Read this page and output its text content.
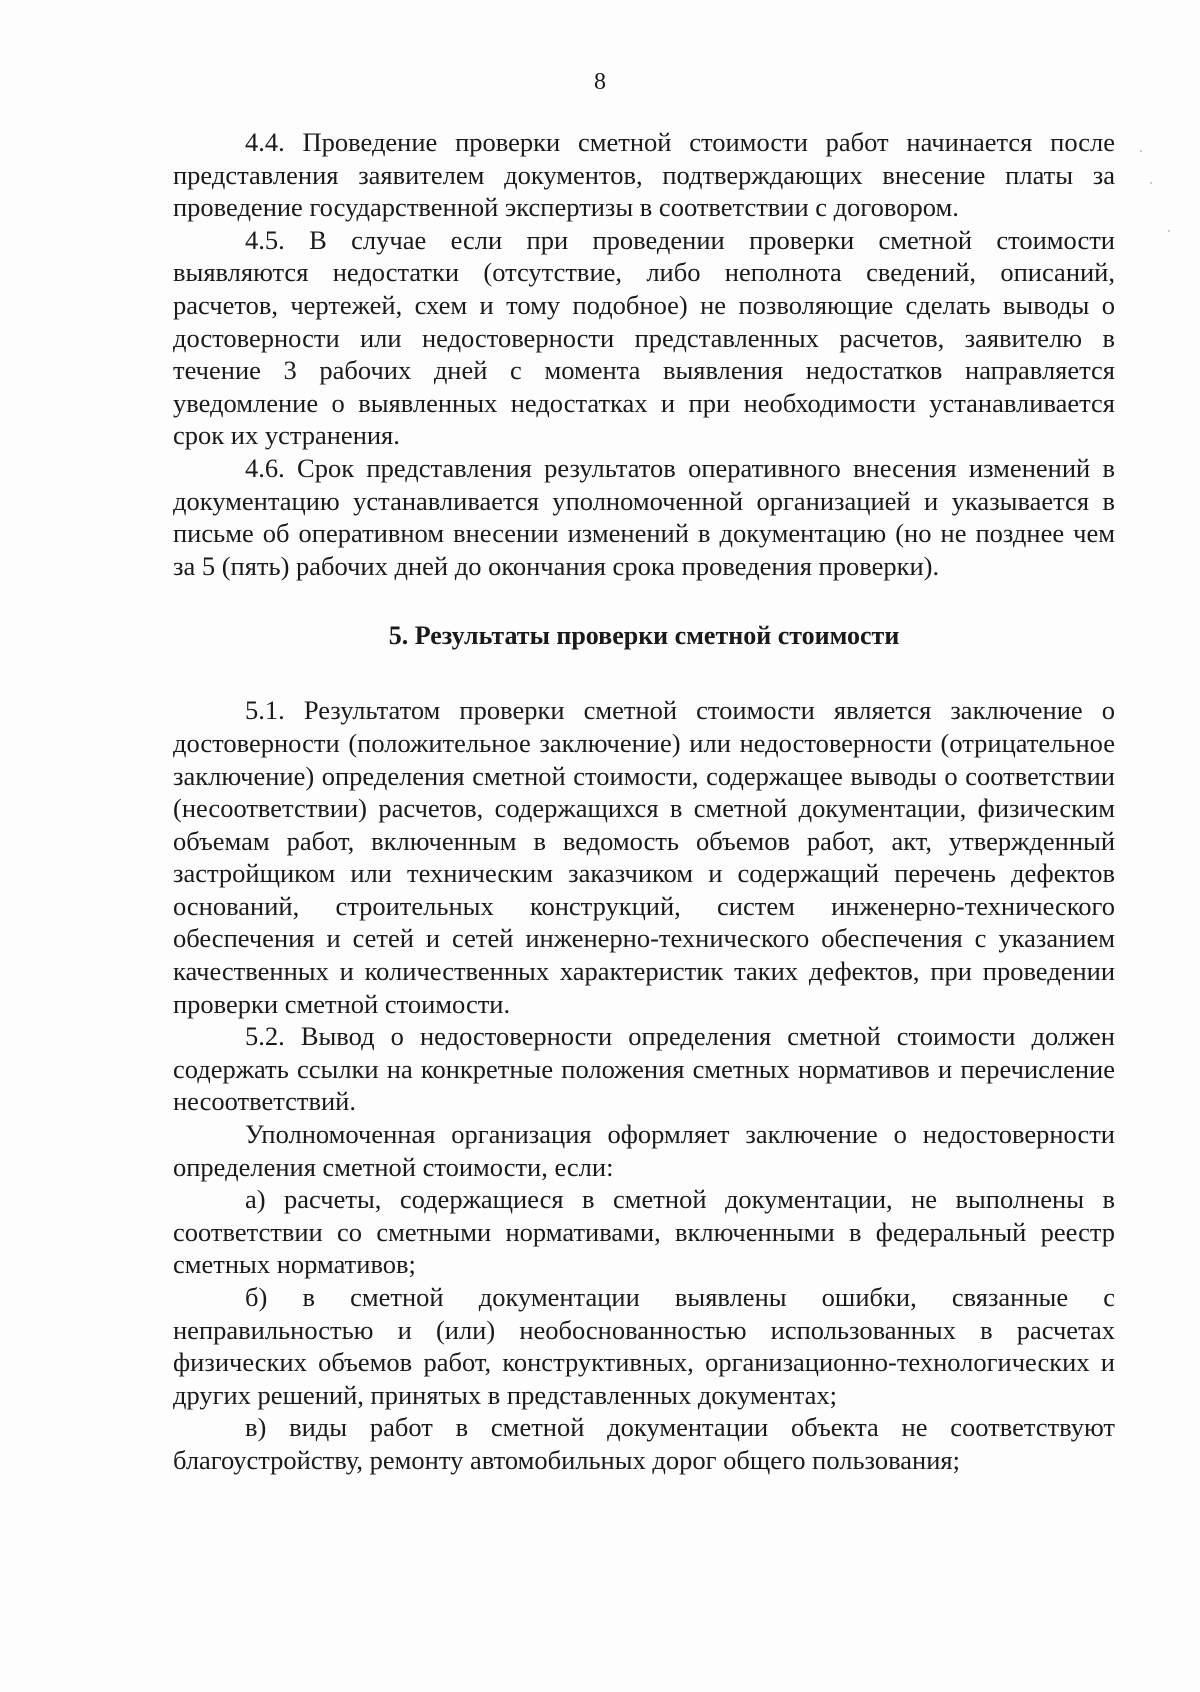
8

4.4. Проведение проверки сметной стоимости работ начинается после представления заявителем документов, подтверждающих внесение платы за проведение государственной экспертизы в соответствии с договором.

4.5. В случае если при проведении проверки сметной стоимости выявляются недостатки (отсутствие, либо неполнота сведений, описаний, расчетов, чертежей, схем и тому подобное) не позволяющие сделать выводы о достоверности или недостоверности представленных расчетов, заявителю в течение 3 рабочих дней с момента выявления недостатков направляется уведомление о выявленных недостатках и при необходимости устанавливается срок их устранения.

4.6. Срок представления результатов оперативного внесения изменений в документацию устанавливается уполномоченной организацией и указывается в письме об оперативном внесении изменений в документацию (но не позднее чем за 5 (пять) рабочих дней до окончания срока проведения проверки).

5. Результаты проверки сметной стоимости

5.1. Результатом проверки сметной стоимости является заключение о достоверности (положительное заключение) или недостоверности (отрицательное заключение) определения сметной стоимости, содержащее выводы о соответствии (несоответствии) расчетов, содержащихся в сметной документации, физическим объемам работ, включенным в ведомость объемов работ, акт, утвержденный застройщиком или техническим заказчиком и содержащий перечень дефектов оснований, строительных конструкций, систем инженерно-технического обеспечения и сетей и сетей инженерно-технического обеспечения с указанием качественных и количественных характеристик таких дефектов, при проведении проверки сметной стоимости.

5.2. Вывод о недостоверности определения сметной стоимости должен содержать ссылки на конкретные положения сметных нормативов и перечисление несоответствий.

Уполномоченная организация оформляет заключение о недостоверности определения сметной стоимости, если:

а) расчеты, содержащиеся в сметной документации, не выполнены в соответствии со сметными нормативами, включенными в федеральный реестр сметных нормативов;

б) в сметной документации выявлены ошибки, связанные с неправильностью и (или) необоснованностью использованных в расчетах физических объемов работ, конструктивных, организационно-технологических и других решений, принятых в представленных документах;

в) виды работ в сметной документации объекта не соответствуют благоустройству, ремонту автомобильных дорог общего пользования;
